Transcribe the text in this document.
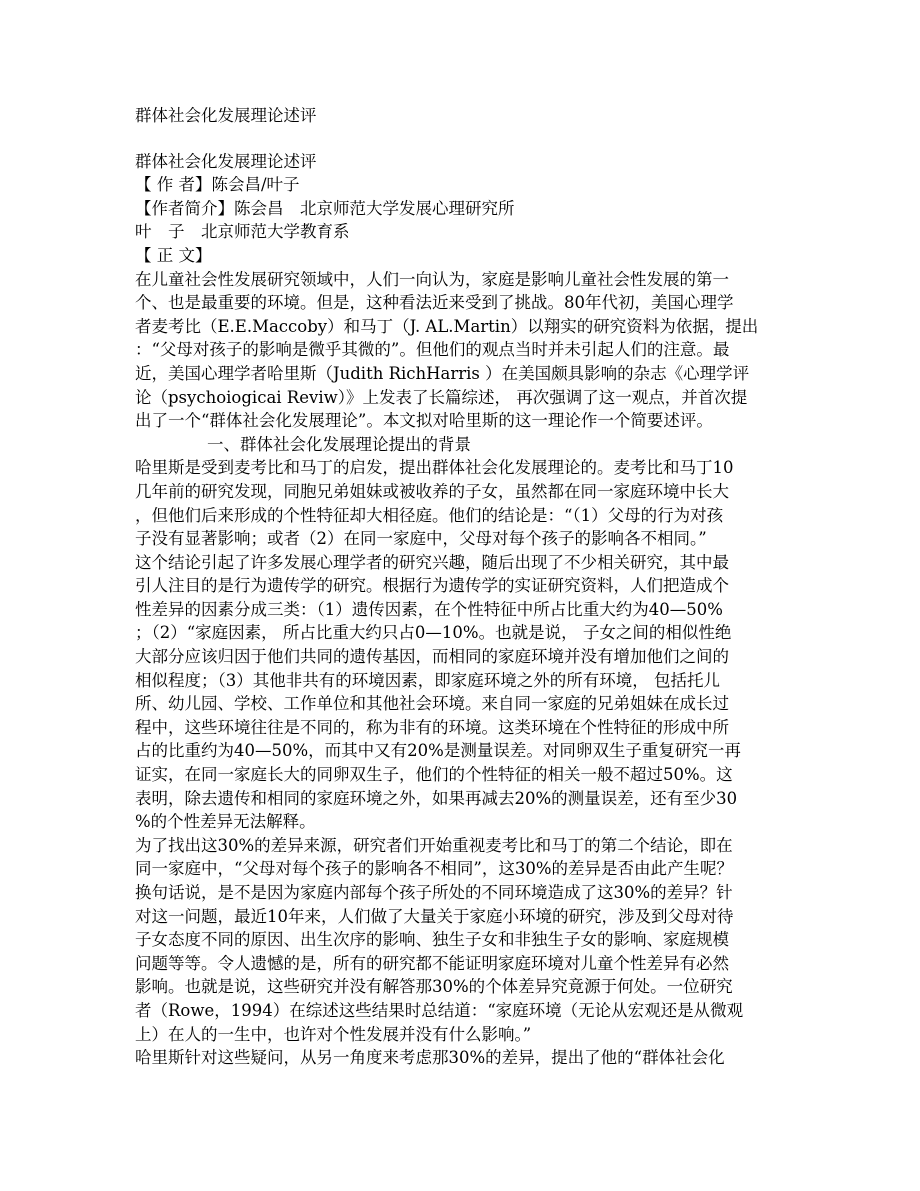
群体社会化发展理论述评
群体社会化发展理论述评
【 作 者】陈会昌/叶子
【作者简介】陈会昌　北京师范大学发展心理研究所
叶　子　北京师范大学教育系
【 正 文】
在儿童社会性发展研究领域中，人们一向认为，家庭是影响儿童社会性发展的第一
个、也是最重要的环境。但是，这种看法近来受到了挑战。80年代初，美国心理学
者麦考比（E.E.Maccoby）和马丁（J. AL.Martin）以翔实的研究资料为依据，提出
：“父母对孩子的影响是微乎其微的”。但他们的观点当时并未引起人们的注意。最
近，美国心理学者哈里斯（Judith RichHarris ）在美国颇具影响的杂志《心理学评
论（psychoiogicai Reviw）》上发表了长篇综述， 再次强调了这一观点，并首次提
出了一个“群体社会化发展理论”。本文拟对哈里斯的这一理论作一个简要述评。
一、群体社会化发展理论提出的背景
哈里斯是受到麦考比和马丁的启发，提出群体社会化发展理论的。麦考比和马丁10
几年前的研究发现，同胞兄弟姐妹或被收养的子女，虽然都在同一家庭环境中长大
，但他们后来形成的个性特征却大相径庭。他们的结论是：“（1）父母的行为对孩
子没有显著影响；或者（2）在同一家庭中，父母对每个孩子的影响各不相同。”
这个结论引起了许多发展心理学者的研究兴趣，随后出现了不少相关研究，其中最
引人注目的是行为遗传学的研究。根据行为遗传学的实证研究资料，人们把造成个
性差异的因素分成三类：（1）遗传因素，在个性特征中所占比重大约为40—50%
；（2）“家庭因素， 所占比重大约只占0—10%。也就是说， 子女之间的相似性绝
大部分应该归因于他们共同的遗传基因，而相同的家庭环境并没有增加他们之间的
相似程度；（3）其他非共有的环境因素，即家庭环境之外的所有环境， 包括托儿
所、幼儿园、学校、工作单位和其他社会环境。来自同一家庭的兄弟姐妹在成长过
程中，这些环境往往是不同的，称为非有的环境。这类环境在个性特征的形成中所
占的比重约为40—50%，而其中又有20%是测量误差。对同卵双生子重复研究一再
证实，在同一家庭长大的同卵双生子，他们的个性特征的相关一般不超过50%。这
表明，除去遗传和相同的家庭环境之外，如果再减去20%的测量误差，还有至少30
%的个性差异无法解释。
为了找出这30%的差异来源，研究者们开始重视麦考比和马丁的第二个结论，即在
同一家庭中，“父母对每个孩子的影响各不相同”，这30%的差异是否由此产生呢？
换句话说，是不是因为家庭内部每个孩子所处的不同环境造成了这30%的差异？针
对这一问题，最近10年来，人们做了大量关于家庭小环境的研究，涉及到父母对待
子女态度不同的原因、出生次序的影响、独生子女和非独生子女的影响、家庭规模
问题等等。令人遗憾的是，所有的研究都不能证明家庭环境对儿童个性差异有必然
影响。也就是说，这些研究并没有解答那30%的个体差异究竟源于何处。一位研究
者（Rowe，1994）在综述这些结果时总结道：“家庭环境（无论从宏观还是从微观
上）在人的一生中，也许对个性发展并没有什么影响。”
哈里斯针对这些疑问，从另一角度来考虑那30%的差异，提出了他的“群体社会化
